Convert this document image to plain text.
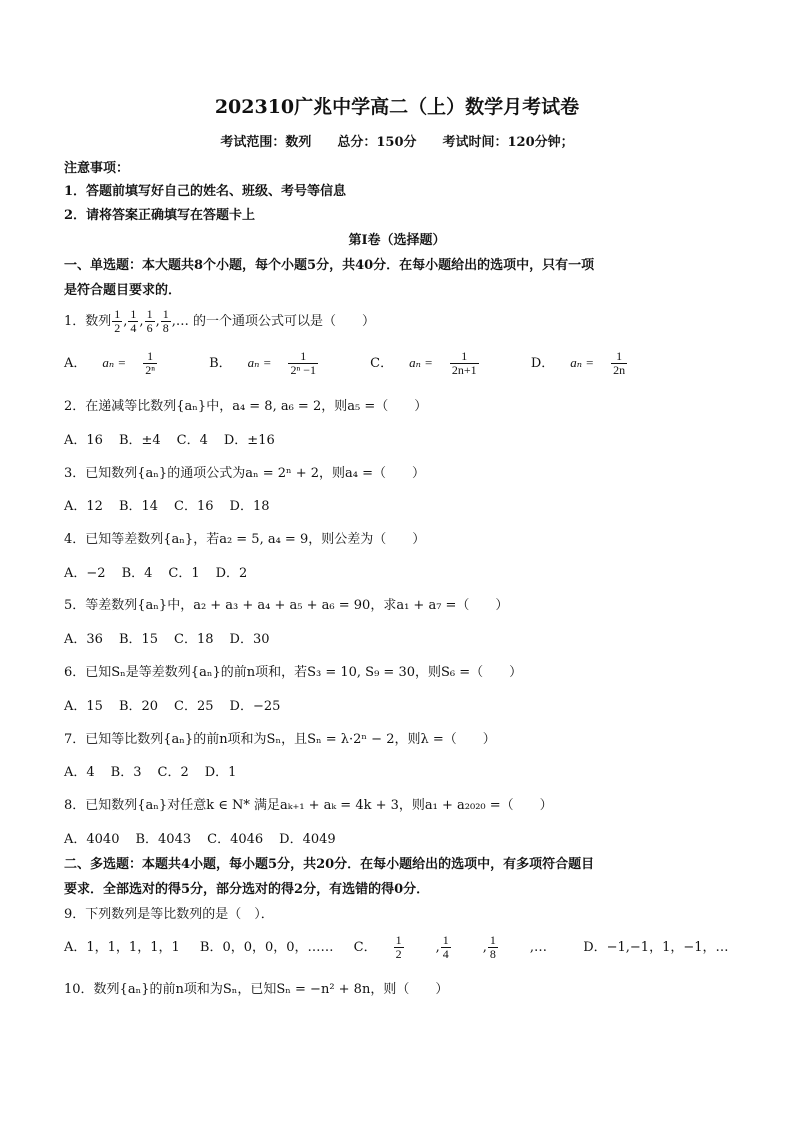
202310广兆中学高二（上）数学月考试卷
考试范围：数列　　总分：150分　　考试时间：120分钟；
注意事项：
1．答题前填写好自己的姓名、班级、考号等信息
2．请将答案正确填写在答题卡上
第Ⅰ卷（选择题）
一、单选题：本大题共8个小题，每个小题5分，共40分．在每小题给出的选项中，只有一项
是符合题目要求的．
1．数列 $\frac{1}{2}$ , $\frac{1}{4}$ , $\frac{1}{6}$ , $\frac{1}{8}$ ,… 的一个通项公式可以是（　　）
A． $a_n = \frac{1}{\text{2ⁿ}}$	B． $a_n = \frac{1}{\text{2ⁿ −1}}$	C． $a_n = \frac{1}{2n+1}$	D． $a_n = \frac{1}{2n}$
2．在递减等比数列{aₙ}中，a₄ = 8, a₆ = 2，则a₅ =（　　）
A．16 B．±4 C．4 D．±16
3．已知数列{aₙ}的通项公式为aₙ = 2ⁿ + 2，则a₄ =（　　）
A．12 B．14 C．16 D．18
4．已知等差数列{aₙ}，若a₂ = 5, a₄ = 9，则公差为（　　）
A．−2 B．4 C．1 D．2
5．等差数列{aₙ}中，a₂ + a₃ + a₄ + a₅ + a₆ = 90，求a₁ + a₇ =（　　）
A．36 B．15 C．18 D．30
6．已知Sₙ是等差数列{aₙ}的前n项和，若S₃ = 10, S₉ = 30，则S₆ =（　　）
A．15 B．20 C．25 D．−25
7．已知等比数列{aₙ}的前n项和为Sₙ，且Sₙ = λ·2ⁿ − 2，则λ =（　　）
A．4 B．3 C．2 D．1
8．已知数列{aₙ}对任意k ∈ N* 满足aₖ₊₁ + aₖ = 4k + 3，则a₁ + a₂₀₂₀ =（　　）
A．4040 B．4043 C．4046 D．4049
二、多选题：本题共4小题，每小题5分，共20分．在每小题给出的选项中，有多项符合题目
要求．全部选对的得5分，部分选对的得2分，有选错的得0分．
9．下列数列是等比数列的是（　）．
A．1，1，1，1，1 B．0，0，0，0，…… C． $\frac{1}{2}$ , $\frac{1}{4}$ , $\frac{1}{8}$ ,…	D．−1,−1，1，−1，…
10．数列{aₙ}的前n项和为Sₙ，已知Sₙ = −n² + 8n，则（　　）
